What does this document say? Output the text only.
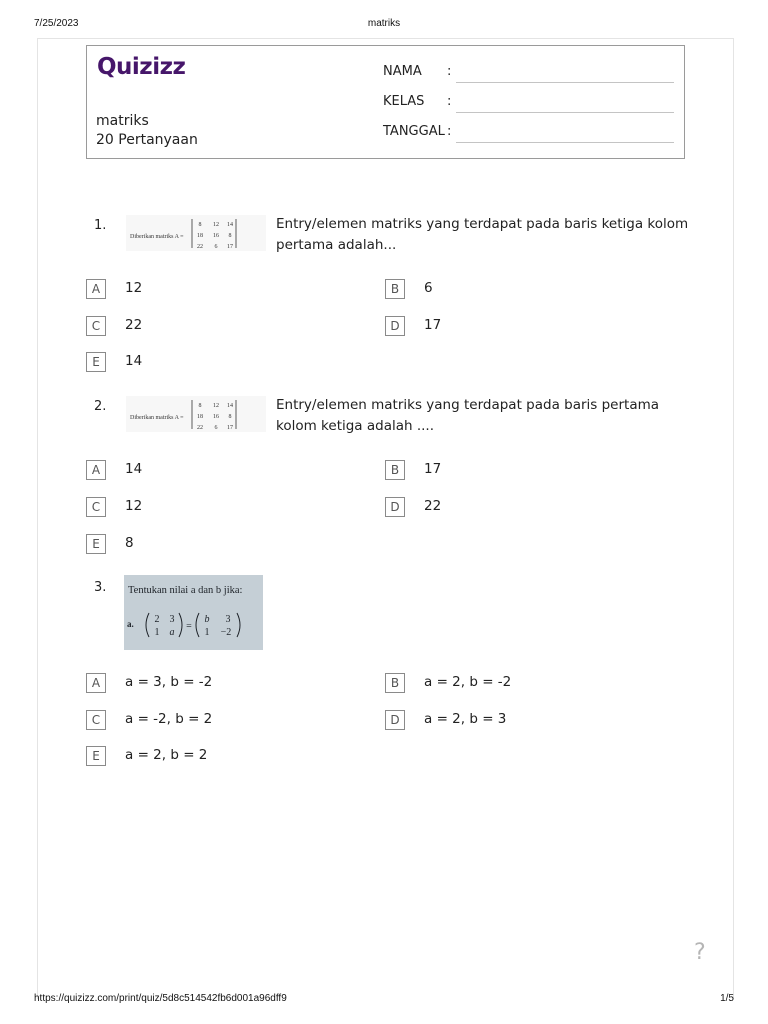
7/25/2023	matriks
Quizizz
matriks
20 Pertanyaan
NAMA :
KELAS :
TANGGAL :
1.
Diberikan matriks A =
8 12 14
18 16 8
22 6 17
Entry/elemen matriks yang terdapat pada baris ketiga kolom pertama adalah...
A	12	B	6
C	22	D	17
E	14
2.
Diberikan matriks A =
8 12 14
18 16 8
22 6 17
Entry/elemen matriks yang terdapat pada baris pertama kolom ketiga adalah ....
A	14	B	17
C	12	D	22
E	8
3. Tentukan nilai a dan b jika:
a. 2 3
1 a
=
b 3
1 −2
A	a = 3, b = -2	B	a = 2, b = -2
C	a = -2, b = 2	D	a = 2, b = 3
E	a = 2, b = 2
?
https://quizizz.com/print/quiz/5d8c514542fb6d001a96dff9	1/5
